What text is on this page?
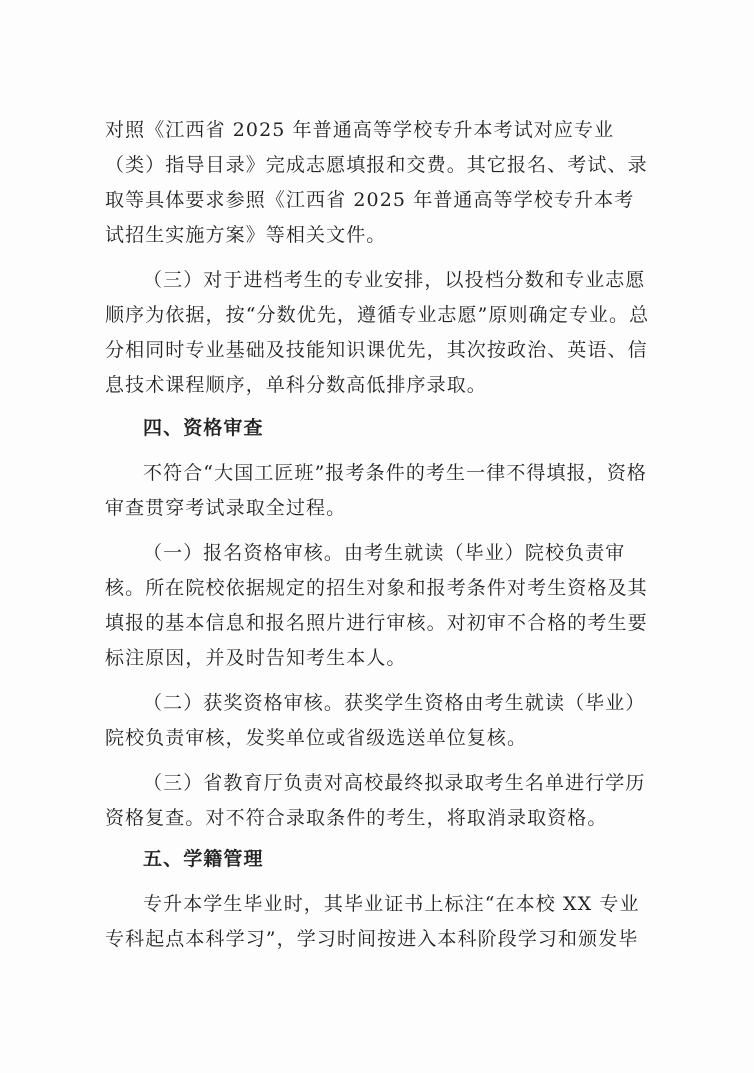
对照《江西省 2025 年普通高等学校专升本考试对应专业（类）指导目录》完成志愿填报和交费。其它报名、考试、录取等具体要求参照《江西省 2025 年普通高等学校专升本考试招生实施方案》等相关文件。

（三）对于进档考生的专业安排，以投档分数和专业志愿顺序为依据，按“分数优先，遵循专业志愿”原则确定专业。总分相同时专业基础及技能知识课优先，其次按政治、英语、信息技术课程顺序，单科分数高低排序录取。

四、资格审查

不符合“大国工匠班”报考条件的考生一律不得填报，资格审查贯穿考试录取全过程。

（一）报名资格审核。由考生就读（毕业）院校负责审核。所在院校依据规定的招生对象和报考条件对考生资格及其填报的基本信息和报名照片进行审核。对初审不合格的考生要标注原因，并及时告知考生本人。

（二）获奖资格审核。获奖学生资格由考生就读（毕业）院校负责审核，发奖单位或省级选送单位复核。

（三）省教育厅负责对高校最终拟录取考生名单进行学历资格复查。对不符合录取条件的考生，将取消录取资格。

五、学籍管理

专升本学生毕业时，其毕业证书上标注“在本校 XX 专业专科起点本科学习”，学习时间按进入本科阶段学习和颁发毕
